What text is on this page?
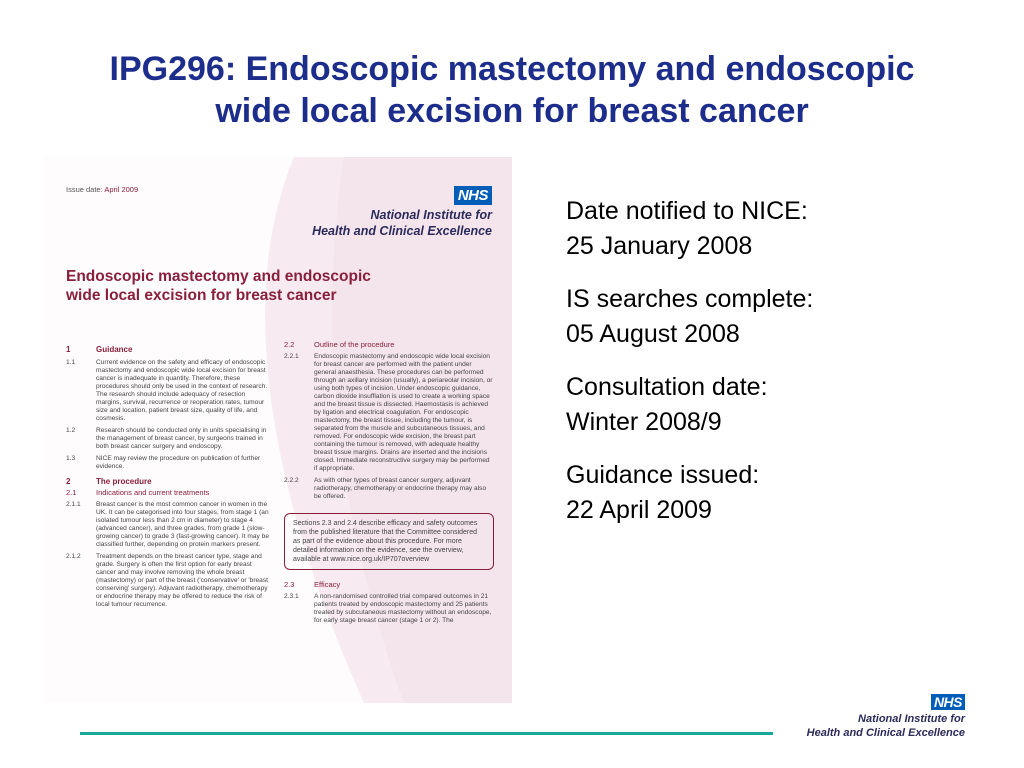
IPG296: Endoscopic mastectomy and endoscopic
wide local excision for breast cancer
Issue date: April 2009	NHS
National Institute for
Health and Clinical Excellence
Endoscopic mastectomy and endoscopic
wide local excision for breast cancer
1	Guidance
1.1	Current evidence on the safety and efficacy of endoscopic mastectomy and endoscopic wide local excision for breast cancer is inadequate in quantity. Therefore, these procedures should only be used in the context of research. The research should include adequacy of resection margins, survival, recurrence or reoperation rates, tumour size and location, patient breast size, quality of life, and cosmesis.
1.2	Research should be conducted only in units specialising in the management of breast cancer, by surgeons trained in both breast cancer surgery and endoscopy.
1.3	NICE may review the procedure on publication of further evidence.
2	The procedure
2.1	Indications and current treatments
2.1.1	Breast cancer is the most common cancer in women in the UK. It can be categorised into four stages, from stage 1 (an isolated tumour less than 2 cm in diameter) to stage 4 (advanced cancer), and three grades, from grade 1 (slow-growing cancer) to grade 3 (fast-growing cancer). It may be classified further, depending on protein markers present.
2.1.2	Treatment depends on the breast cancer type, stage and grade. Surgery is often the first option for early breast cancer and may involve removing the whole breast (mastectomy) or part of the breast ('conservative' or 'breast conserving' surgery). Adjuvant radiotherapy, chemotherapy or endocrine therapy may be offered to reduce the risk of local tumour recurrence.
2.2	Outline of the procedure
2.2.1	Endoscopic mastectomy and endoscopic wide local excision for breast cancer are performed with the patient under general anaesthesia. These procedures can be performed through an axillary incision (usually), a periareolar incision, or using both types of incision. Under endoscopic guidance, carbon dioxide insufflation is used to create a working space and the breast tissue is dissected. Haemostasis is achieved by ligation and electrical coagulation. For endoscopic mastectomy, the breast tissue, including the tumour, is separated from the muscle and subcutaneous tissues, and removed. For endoscopic wide excision, the breast part containing the tumour is removed, with adequate healthy breast tissue margins. Drains are inserted and the incisions closed. Immediate reconstructive surgery may be performed if appropriate.
2.2.2	As with other types of breast cancer surgery, adjuvant radiotherapy, chemotherapy or endocrine therapy may also be offered.
Sections 2.3 and 2.4 describe efficacy and safety outcomes from the published literature that the Committee considered as part of the evidence about this procedure. For more detailed information on the evidence, see the overview, available at www.nice.org.uk/IP707overview
2.3	Efficacy
2.3.1	A non-randomised controlled trial compared outcomes in 21 patients treated by endoscopic mastectomy and 25 patients treated by subcutaneous mastectomy without an endoscope, for early stage breast cancer (stage 1 or 2). The
Date notified to NICE:
25 January 2008
IS searches complete:
05 August 2008
Consultation date:
Winter 2008/9
Guidance issued:
22 April 2009
NHS
National Institute for
Health and Clinical Excellence
